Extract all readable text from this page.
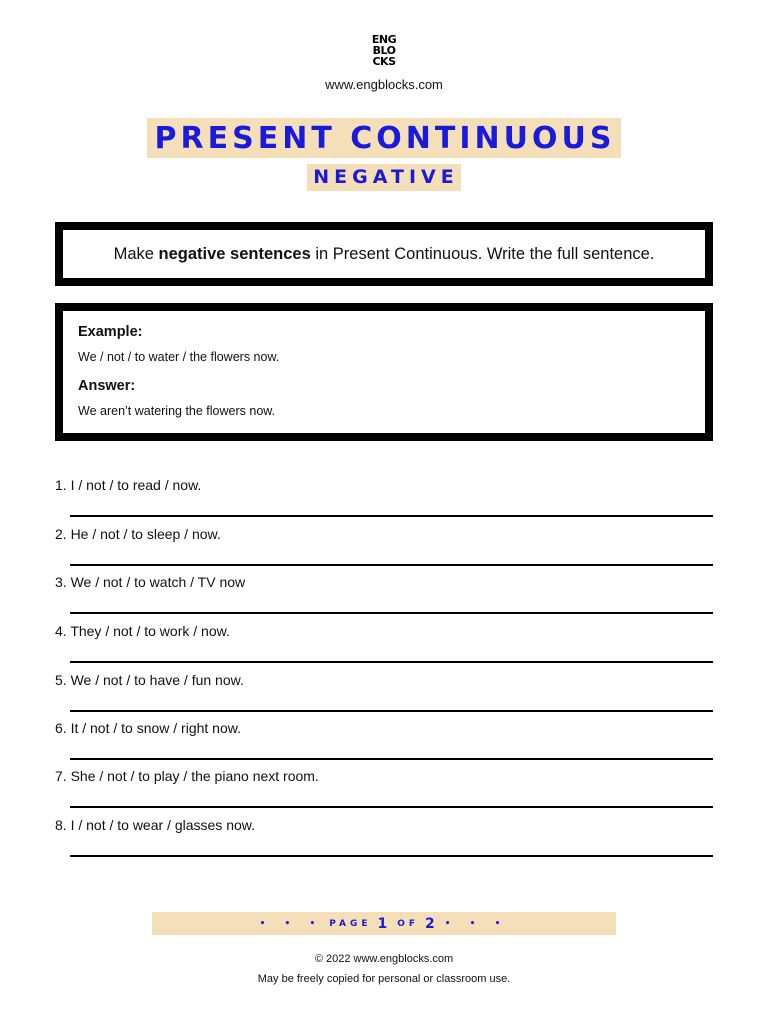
ENG
BLO
CKS
www.engblocks.com
PRESENT CONTINUOUS
NEGATIVE
Make negative sentences in Present Continuous. Write the full sentence.

Example:

We / not / to water / the flowers now.

Answer:

We aren’t watering the flowers now.

1. I / not / to read / now.
2. He / not / to sleep / now.
3. We / not / to watch / TV now
4. They / not / to work / now.
5. We / not / to have / fun now.
6. It / not / to snow / right now.
7. She / not / to play / the piano next room.
8. I / not / to wear / glasses now.
• • • PAGE 1 OF 2 • • •
© 2022 www.engblocks.com
May be freely copied for personal or classroom use.
